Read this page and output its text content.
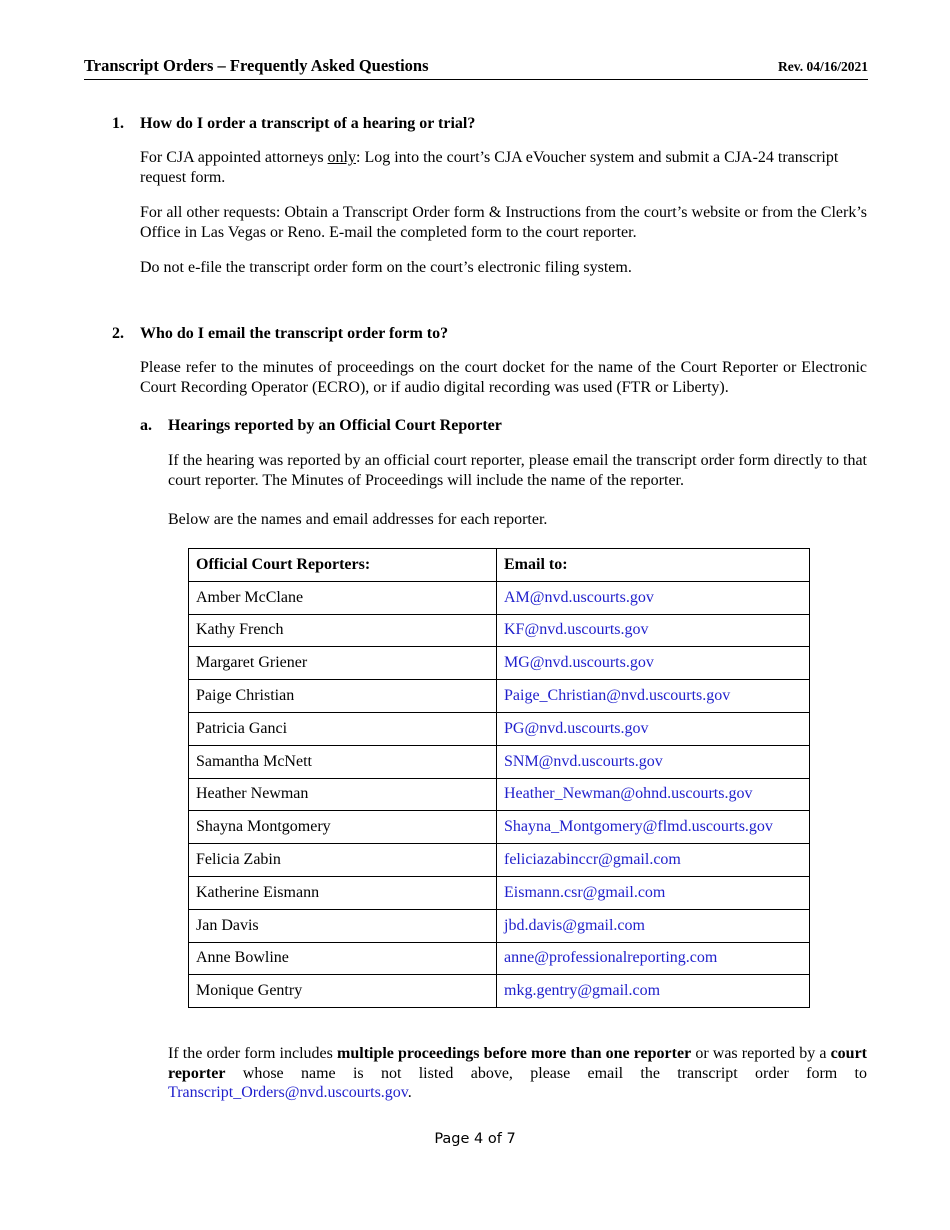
Transcript Orders – Frequently Asked Questions	Rev. 04/16/2021
1. How do I order a transcript of a hearing or trial?
For CJA appointed attorneys only: Log into the court’s CJA eVoucher system and submit a CJA-24 transcript request form.
For all other requests: Obtain a Transcript Order form & Instructions from the court’s website or from the Clerk’s Office in Las Vegas or Reno. E-mail the completed form to the court reporter.
Do not e-file the transcript order form on the court’s electronic filing system.
2. Who do I email the transcript order form to?
Please refer to the minutes of proceedings on the court docket for the name of the Court Reporter or Electronic Court Recording Operator (ECRO), or if audio digital recording was used (FTR or Liberty).
a. Hearings reported by an Official Court Reporter
If the hearing was reported by an official court reporter, please email the transcript order form directly to that court reporter. The Minutes of Proceedings will include the name of the reporter.
Below are the names and email addresses for each reporter.
Official Court Reporters:	Email to:
Amber McClane	AM@nvd.uscourts.gov
Kathy French	KF@nvd.uscourts.gov
Margaret Griener	MG@nvd.uscourts.gov
Paige Christian	Paige_Christian@nvd.uscourts.gov
Patricia Ganci	PG@nvd.uscourts.gov
Samantha McNett	SNM@nvd.uscourts.gov
Heather Newman	Heather_Newman@ohnd.uscourts.gov
Shayna Montgomery	Shayna_Montgomery@flmd.uscourts.gov
Felicia Zabin	feliciazabinccr@gmail.com
Katherine Eismann	Eismann.csr@gmail.com
Jan Davis	jbd.davis@gmail.com
Anne Bowline	anne@professionalreporting.com
Monique Gentry	mkg.gentry@gmail.com
If the order form includes multiple proceedings before more than one reporter or was reported by a court reporter whose name is not listed above, please email the transcript order form to Transcript_Orders@nvd.uscourts.gov.
Page 4 of 7
